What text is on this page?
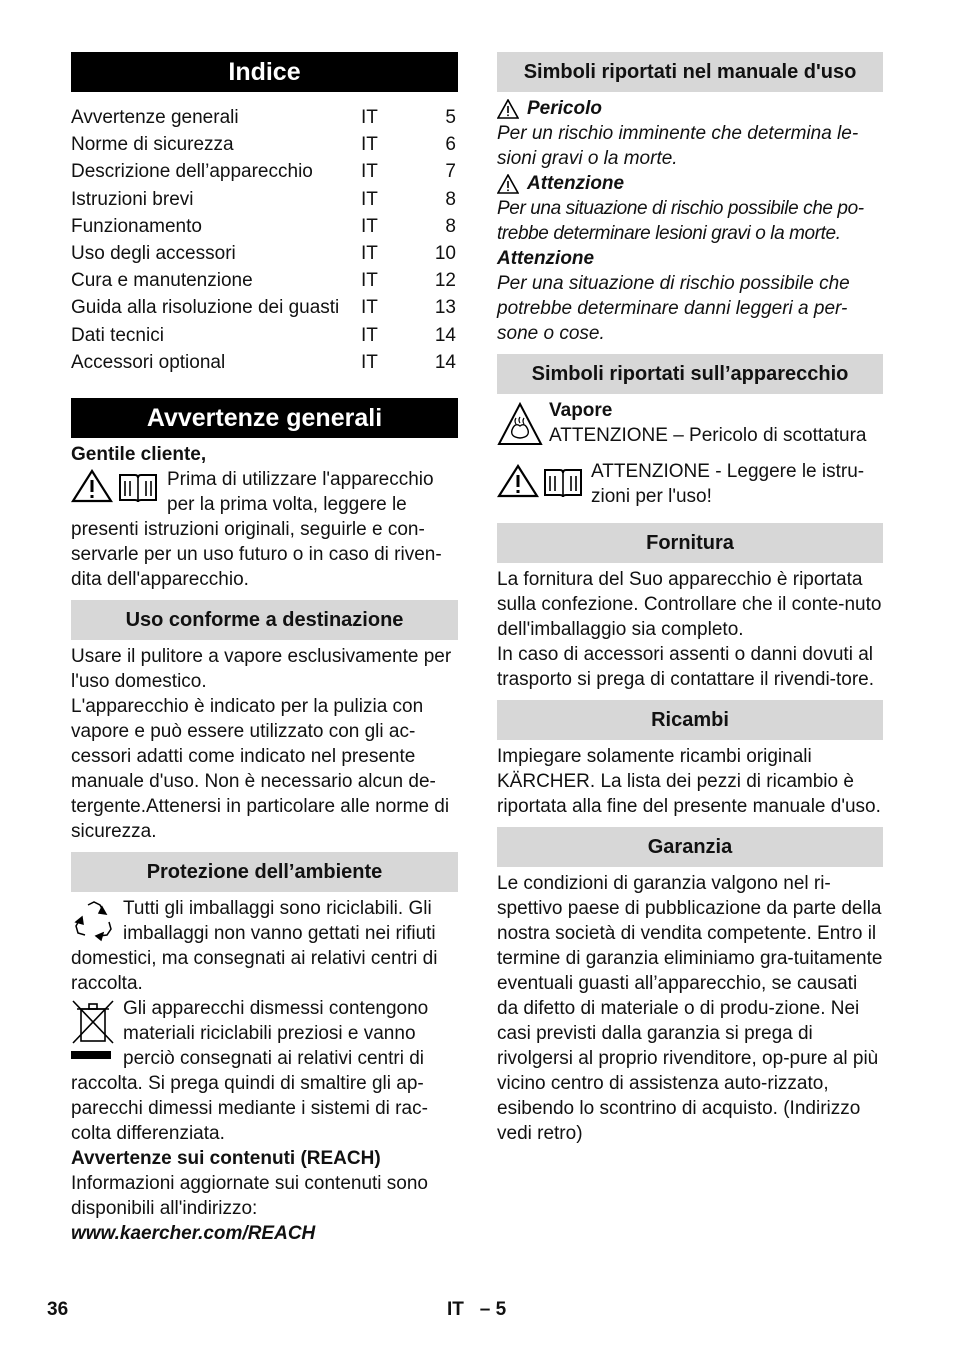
Indice
Avvertenze generali	IT	5
Norme di sicurezza	IT	6
Descrizione dell’apparecchio	IT	7
Istruzioni brevi	IT	8
Funzionamento	IT	8
Uso degli accessori	IT	10
Cura e manutenzione	IT	12
Guida alla risoluzione dei guasti IT	13
Dati tecnici	IT	14
Accessori optional	IT	14
Avvertenze generali

Gentile cliente,

Prima di utilizzare l'apparecchio

per la prima volta, leggere le

presenti istruzioni originali, seguirle e con-servarle per un uso futuro o in caso di riven-dita dell'apparecchio.

Uso conforme a destinazione

Usare il pulitore a vapore esclusivamente per l'uso domestico.

L'apparecchio è indicato per la pulizia con vapore e può essere utilizzato con gli ac-cessori adatti come indicato nel presente manuale d'uso. Non è necessario alcun de-tergente.Attenersi in particolare alle norme di sicurezza.

Protezione dell’ambiente

Tutti gli imballaggi sono riciclabili. Gli imballaggi non vanno gettati nei rifiuti

domestici, ma consegnati ai relativi centri di raccolta.

Gli apparecchi dismessi contengono materiali riciclabili preziosi e vanno perciò consegnati ai relativi centri di

raccolta. Si prega quindi di smaltire gli ap-parecchi dimessi mediante i sistemi di rac-colta differenziata.

Avvertenze sui contenuti (REACH)

Informazioni aggiornate sui contenuti sono disponibili all'indirizzo:

www.kaercher.com/REACH

Simboli riportati nel manuale d'uso
Pericolo

Per un rischio imminente che determina le-sioni gravi o la morte.

Attenzione

Per una situazione di rischio possibile che po-trebbe determinare lesioni gravi o la morte.

Attenzione

Per una situazione di rischio possibile che potrebbe determinare danni leggeri a per-sone o cose.

Simboli riportati sull’apparecchio

Vapore

ATTENZIONE – Pericolo di scottatura

ATTENZIONE - Leggere le istru-zioni per l'uso!

Fornitura

La fornitura del Suo apparecchio è riportata sulla confezione. Controllare che il conte-nuto dell'imballaggio sia completo.

In caso di accessori assenti o danni dovuti al trasporto si prega di contattare il rivendi-tore.

Ricambi

Impiegare solamente ricambi originali KÄRCHER. La lista dei pezzi di ricambio è riportata alla fine del presente manuale d'uso.

Garanzia

Le condizioni di garanzia valgono nel ri-spettivo paese di pubblicazione da parte della nostra società di vendita competente. Entro il termine di garanzia eliminiamo gra-tuitamente eventuali guasti all’apparecchio, se causati da difetto di materiale o di produ-zione. Nei casi previsti dalla garanzia si prega di rivolgersi al proprio rivenditore, op-pure al più vicino centro di assistenza auto-rizzato, esibendo lo scontrino di acquisto. (Indirizzo vedi retro)

36	IT   – 5
